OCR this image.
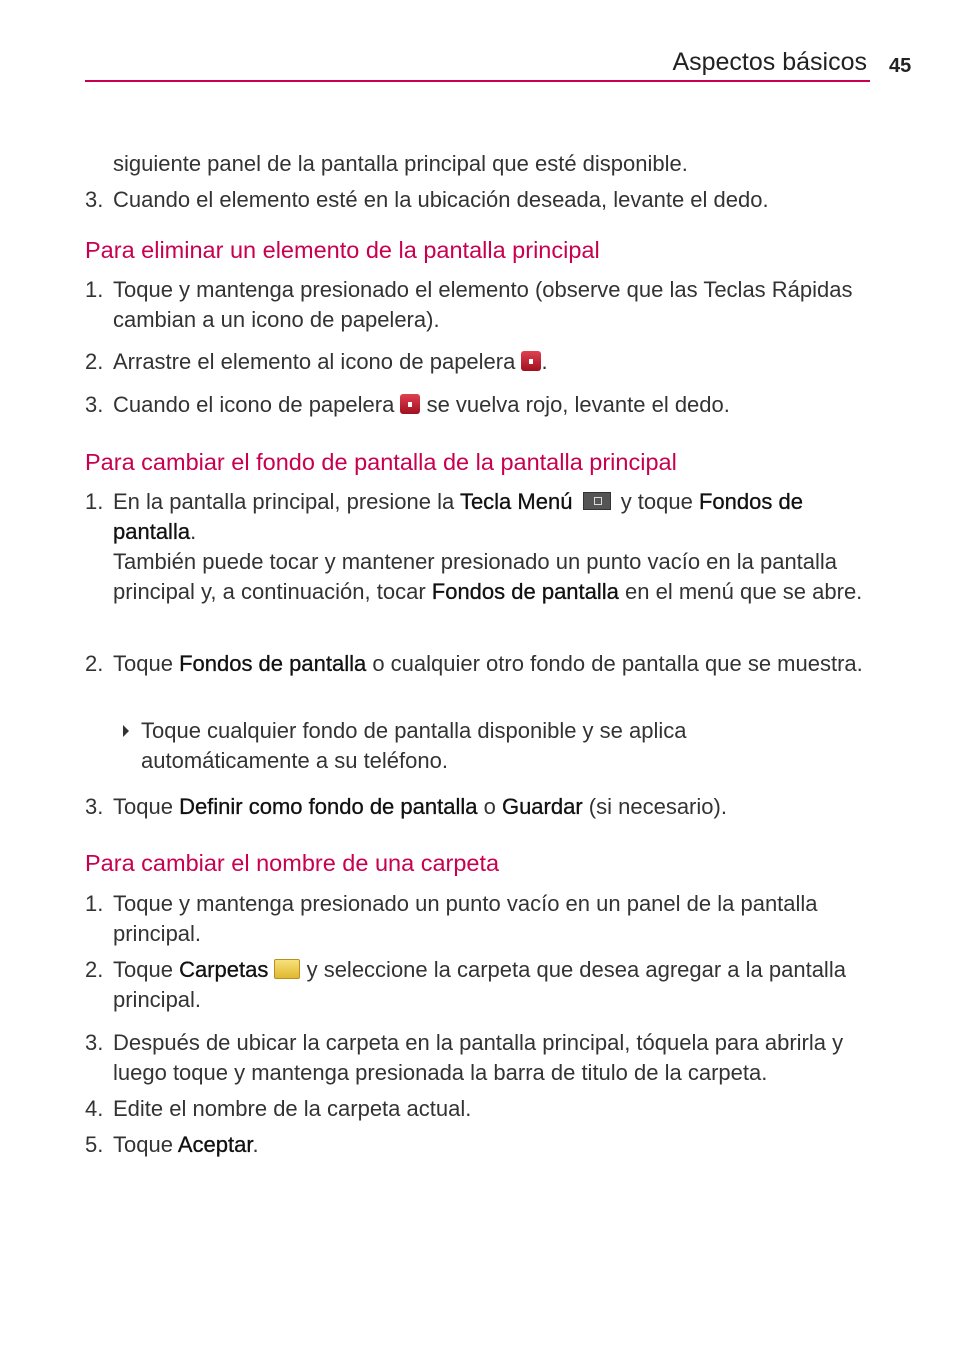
Aspectos básicos 45
siguiente panel de la pantalla principal que esté disponible.
3. Cuando el elemento esté en la ubicación deseada, levante el dedo.
Para eliminar un elemento de la pantalla principal
1. Toque y mantenga presionado el elemento (observe que las Teclas Rápidas cambian a un icono de papelera).
2. Arrastre el elemento al icono de papelera .
3. Cuando el icono de papelera  se vuelva rojo, levante el dedo.
Para cambiar el fondo de pantalla de la pantalla principal
1. En la pantalla principal, presione la Tecla Menú  y toque Fondos de pantalla.
También puede tocar y mantener presionado un punto vacío en la pantalla principal y, a continuación, tocar Fondos de pantalla en el menú que se abre.
2. Toque Fondos de pantalla o cualquier otro fondo de pantalla que se muestra.
Toque cualquier fondo de pantalla disponible y se aplica automáticamente a su teléfono.
3. Toque Definir como fondo de pantalla o Guardar (si necesario).
Para cambiar el nombre de una carpeta
1. Toque y mantenga presionado un punto vacío en un panel de la pantalla principal.
2. Toque Carpetas  y seleccione la carpeta que desea agregar a la pantalla principal.
3. Después de ubicar la carpeta en la pantalla principal, tóquela para abrirla y luego toque y mantenga presionada la barra de titulo de la carpeta.
4. Edite el nombre de la carpeta actual.
5. Toque Aceptar.
